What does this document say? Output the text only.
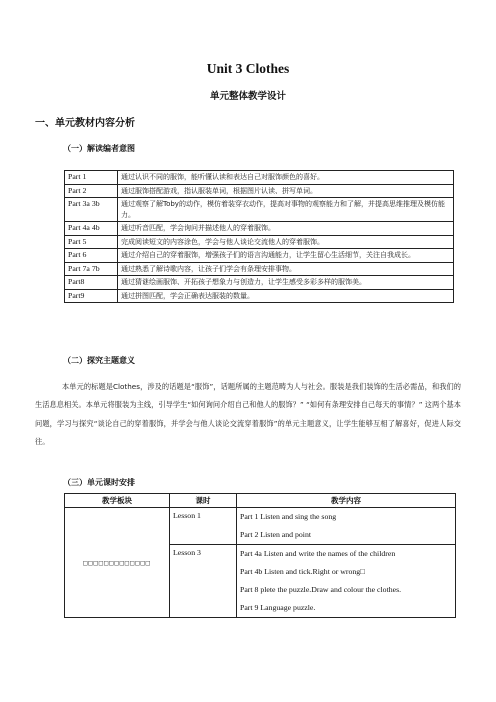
Unit 3 Clothes
单元整体教学设计
一、单元教材内容分析
（一）解读编者意图
Part 1	通过认识不同的服饰，能听懂认读和表达自己对服饰颜色的喜好。
Part 2	通过服饰搭配游戏，指认服装单词，根据图片认读、拼写单词。
Part 3a 3b	通过观察了解Toby的动作，模仿着装穿衣动作，提高对事物的观察能力和了解，并提高思维推理及模仿能力。
Part 4a 4b	通过听音匹配，学会询问并描述他人的穿着服饰。
Part 5	完成阅读短文的内容涂色，学会与他人谈论交流他人的穿着服饰。
Part 6	通过介绍自己的穿着服饰，增强孩子们的语言沟通能力，让学生留心生活细节，关注自我成长。
Part 7a 7b	通过熟悉了解诗歌内容，让孩子们学会有条理安排事物。
Part8	通过猜谜绘画服饰、开拓孩子想象力与创造力，让学生感受多彩多样的服饰美。
Part9	通过拼图匹配，学会正确表达服装的数量。
（二）探究主题意义
本单元的标题是Clothes，涉及的话题是“服饰”，话题所属的主题范畴为人与社会。服装是我们装饰的生活必需品，和我们的生活息息相关。本单元将服装为主线，引导学生“如何询问介绍自己和他人的服饰？” “如何有条理安排自己每天的事情？” 这两个基本问题，学习与探究“谈论自己的穿着服饰，并学会与他人谈论交流穿着服饰”的单元主题意义，让学生能够互相了解喜好，促进人际交往。
（三）单元课时安排
教学板块	课时	教学内容
□□□□□□□□□□□□□	Lesson 1	Part 1 Listen and sing the song
Part 2 Listen and point

	Lesson 3	Part 4a Listen and write the names of the children
Part 4b Listen and tick.Right or wrong□
Part 8 plete the puzzle.Draw and colour the clothes.
Part 9 Language puzzle.
